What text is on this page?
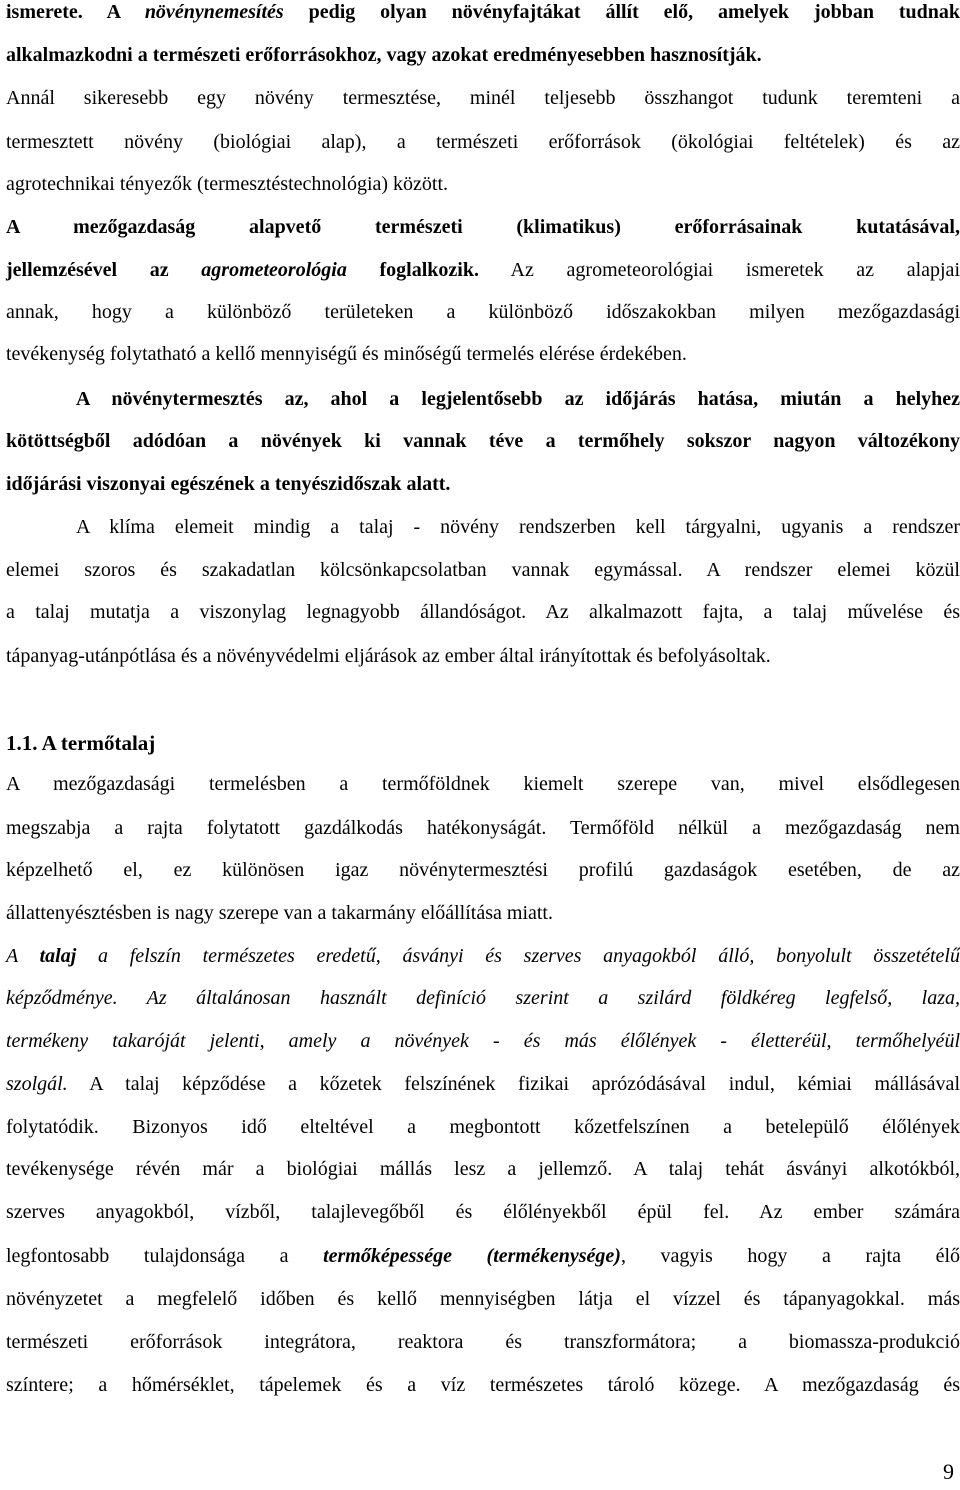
ismerete. A növénynemesítés pedig olyan növényfajtákat állít elő, amelyek jobban tudnak
alkalmazkodni a természeti erőforrásokhoz, vagy azokat eredményesebben hasznosítják.
Annál sikeresebb egy növény termesztése, minél teljesebb összhangot tudunk teremteni a
termesztett növény (biológiai alap), a természeti erőforrások (ökológiai feltételek) és az
agrotechnikai tényezők (termesztéstechnológia) között.
A mezőgazdaság alapvető természeti (klimatikus) erőforrásainak kutatásával,
jellemzésével az agrometeorológia foglalkozik. Az agrometeorológiai ismeretek az alapjai
annak, hogy a különböző területeken a különböző időszakokban milyen mezőgazdasági
tevékenység folytatható a kellő mennyiségű és minőségű termelés elérése érdekében.
A növénytermesztés az, ahol a legjelentősebb az időjárás hatása, miután a helyhez
kötöttségből adódóan a növények ki vannak téve a termőhely sokszor nagyon változékony
időjárási viszonyai egészének a tenyészidőszak alatt.
A klíma elemeit mindig a talaj - növény rendszerben kell tárgyalni, ugyanis a rendszer
elemei szoros és szakadatlan kölcsönkapcsolatban vannak egymással. A rendszer elemei közül
a talaj mutatja a viszonylag legnagyobb állandóságot. Az alkalmazott fajta, a talaj művelése és
tápanyag-utánpótlása és a növényvédelmi eljárások az ember által irányítottak és befolyásoltak.
1.1. A termőtalaj
A mezőgazdasági termelésben a termőföldnek kiemelt szerepe van, mivel elsődlegesen
megszabja a rajta folytatott gazdálkodás hatékonyságát. Termőföld nélkül a mezőgazdaság nem
képzelhető el, ez különösen igaz növénytermesztési profilú gazdaságok esetében, de az
állattenyésztésben is nagy szerepe van a takarmány előállítása miatt.
A talaj a felszín természetes eredetű, ásványi és szerves anyagokból álló, bonyolult összetételű
képződménye. Az általánosan használt definíció szerint a szilárd földkéreg legfelső, laza,
termékeny takaróját jelenti, amely a növények - és más élőlények - életteréül, termőhelyéül
szolgál. A talaj képződése a kőzetek felszínének fizikai aprózódásával indul, kémiai mállásával
folytatódik. Bizonyos idő elteltével a megbontott kőzetfelszínen a betelepülő élőlények
tevékenysége révén már a biológiai mállás lesz a jellemző. A talaj tehát ásványi alkotókból,
szerves anyagokból, vízből, talajlevegőből és élőlényekből épül fel. Az ember számára
legfontosabb tulajdonsága a termőképessége (termékenysége), vagyis hogy a rajta élő
növényzetet a megfelelő időben és kellő mennyiségben látja el vízzel és tápanyagokkal. más
természeti erőforrások integrátora, reaktora és transzformátora; a biomassza-produkció
színtere; a hőmérséklet, tápelemek és a víz természetes tároló közege. A mezőgazdaság és
9
